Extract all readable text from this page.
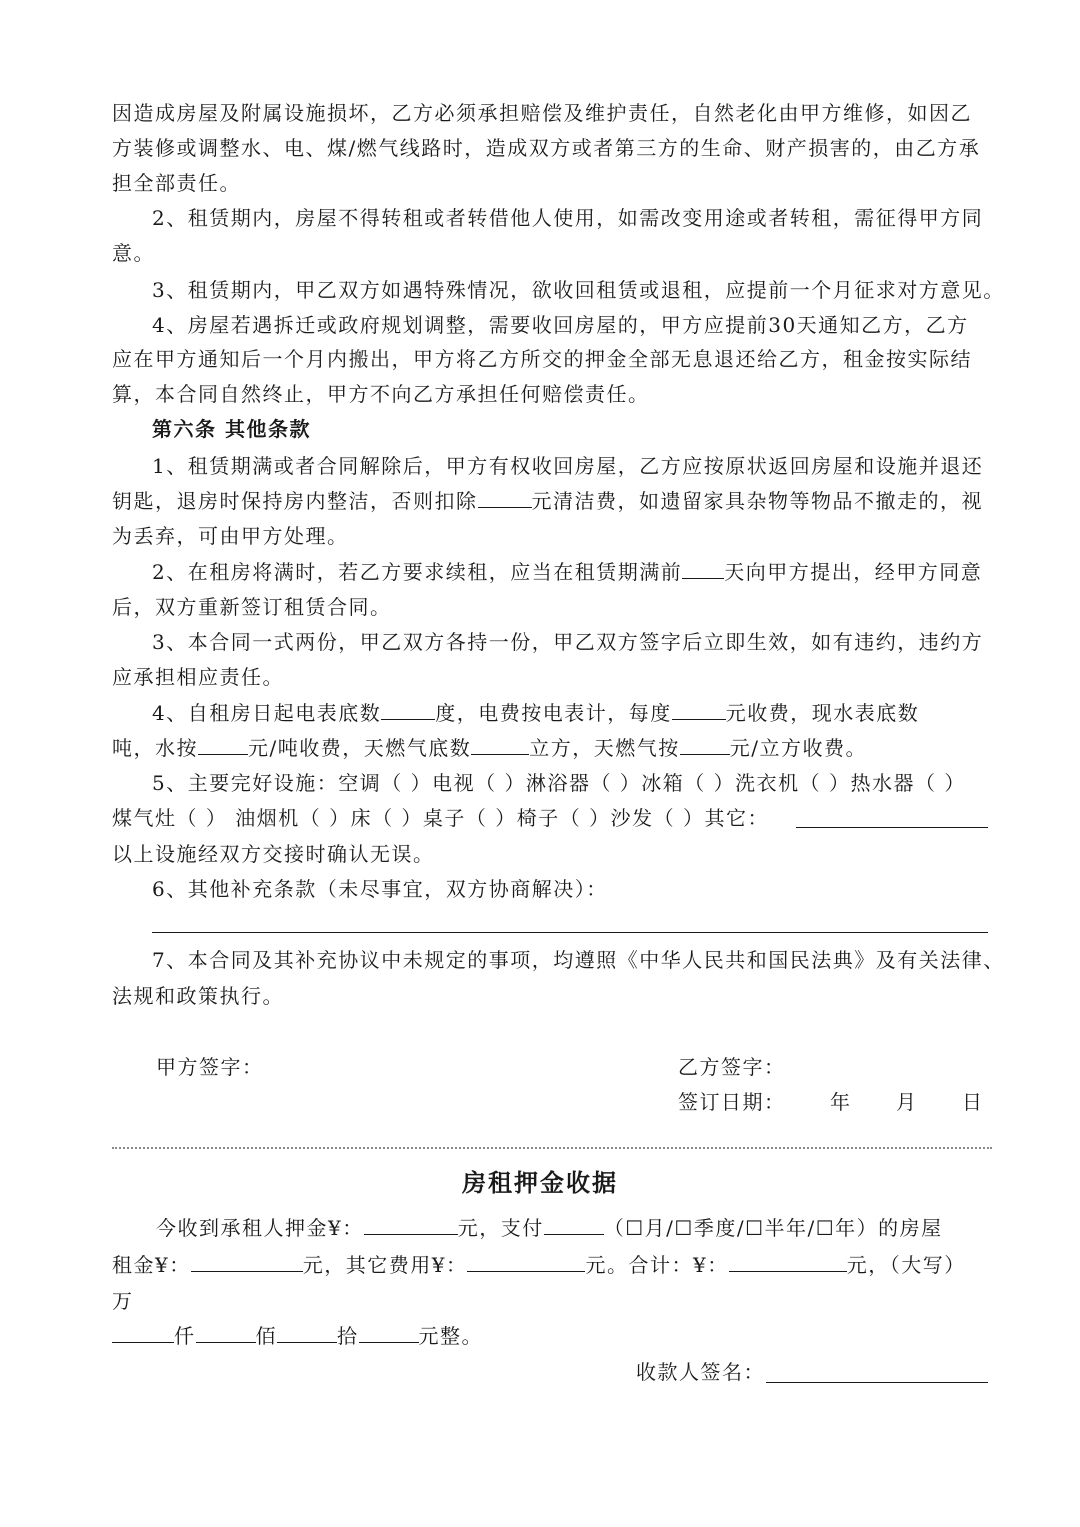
因造成房屋及附属设施损坏，乙方必须承担赔偿及维护责任，自然老化由甲方维修，如因乙
方装修或调整水、电、煤/燃气线路时，造成双方或者第三方的生命、财产损害的，由乙方承
担全部责任。
2、租赁期内，房屋不得转租或者转借他人使用，如需改变用途或者转租，需征得甲方同
意。
3、租赁期内，甲乙双方如遇特殊情况，欲收回租赁或退租，应提前一个月征求对方意见。
4、房屋若遇拆迁或政府规划调整，需要收回房屋的，甲方应提前30天通知乙方，乙方
应在甲方通知后一个月内搬出，甲方将乙方所交的押金全部无息退还给乙方，租金按实际结
算，本合同自然终止，甲方不向乙方承担任何赔偿责任。
第六条 其他条款
1、租赁期满或者合同解除后，甲方有权收回房屋，乙方应按原状返回房屋和设施并退还
钥匙，退房时保持房内整洁，否则扣除	元清洁费，如遗留家具杂物等物品不撤走的，视
为丢弃，可由甲方处理。
2、在租房将满时，若乙方要求续租，应当在租赁期满前 天向甲方提出，经甲方同意
后，双方重新签订租赁合同。
3、本合同一式两份，甲乙双方各持一份，甲乙双方签字后立即生效，如有违约，违约方
应承担相应责任。
4、自租房日起电表底数	度，电费按电表计，每度	元收费，现水表底数
吨，水按	元/吨收费，天燃气底数	立方，天燃气按	元/立方收费。
5、主要完好设施：空调（ ）电视（ ）淋浴器（ ）冰箱（ ）洗衣机（ ）热水器（ ）
煤气灶（ ） 油烟机（ ）床（ ）桌子（ ）椅子（ ）沙发（ ）其它：
以上设施经双方交接时确认无误。
6、其他补充条款（未尽事宜，双方协商解决）：
7、本合同及其补充协议中未规定的事项，均遵照《中华人民共和国民法典》及有关法律、
法规和政策执行。
甲方签字：	乙方签字：
签订日期： 年	月	日
房租押金收据
今收到承租人押金¥：	元，支付	（☐月/☐季度/☐半年/☐年）的房屋
租金¥：	元，其它费用¥：	元。合计：¥：	元，（大写）
万
仟	佰	拾	元整。
收款人签名：
